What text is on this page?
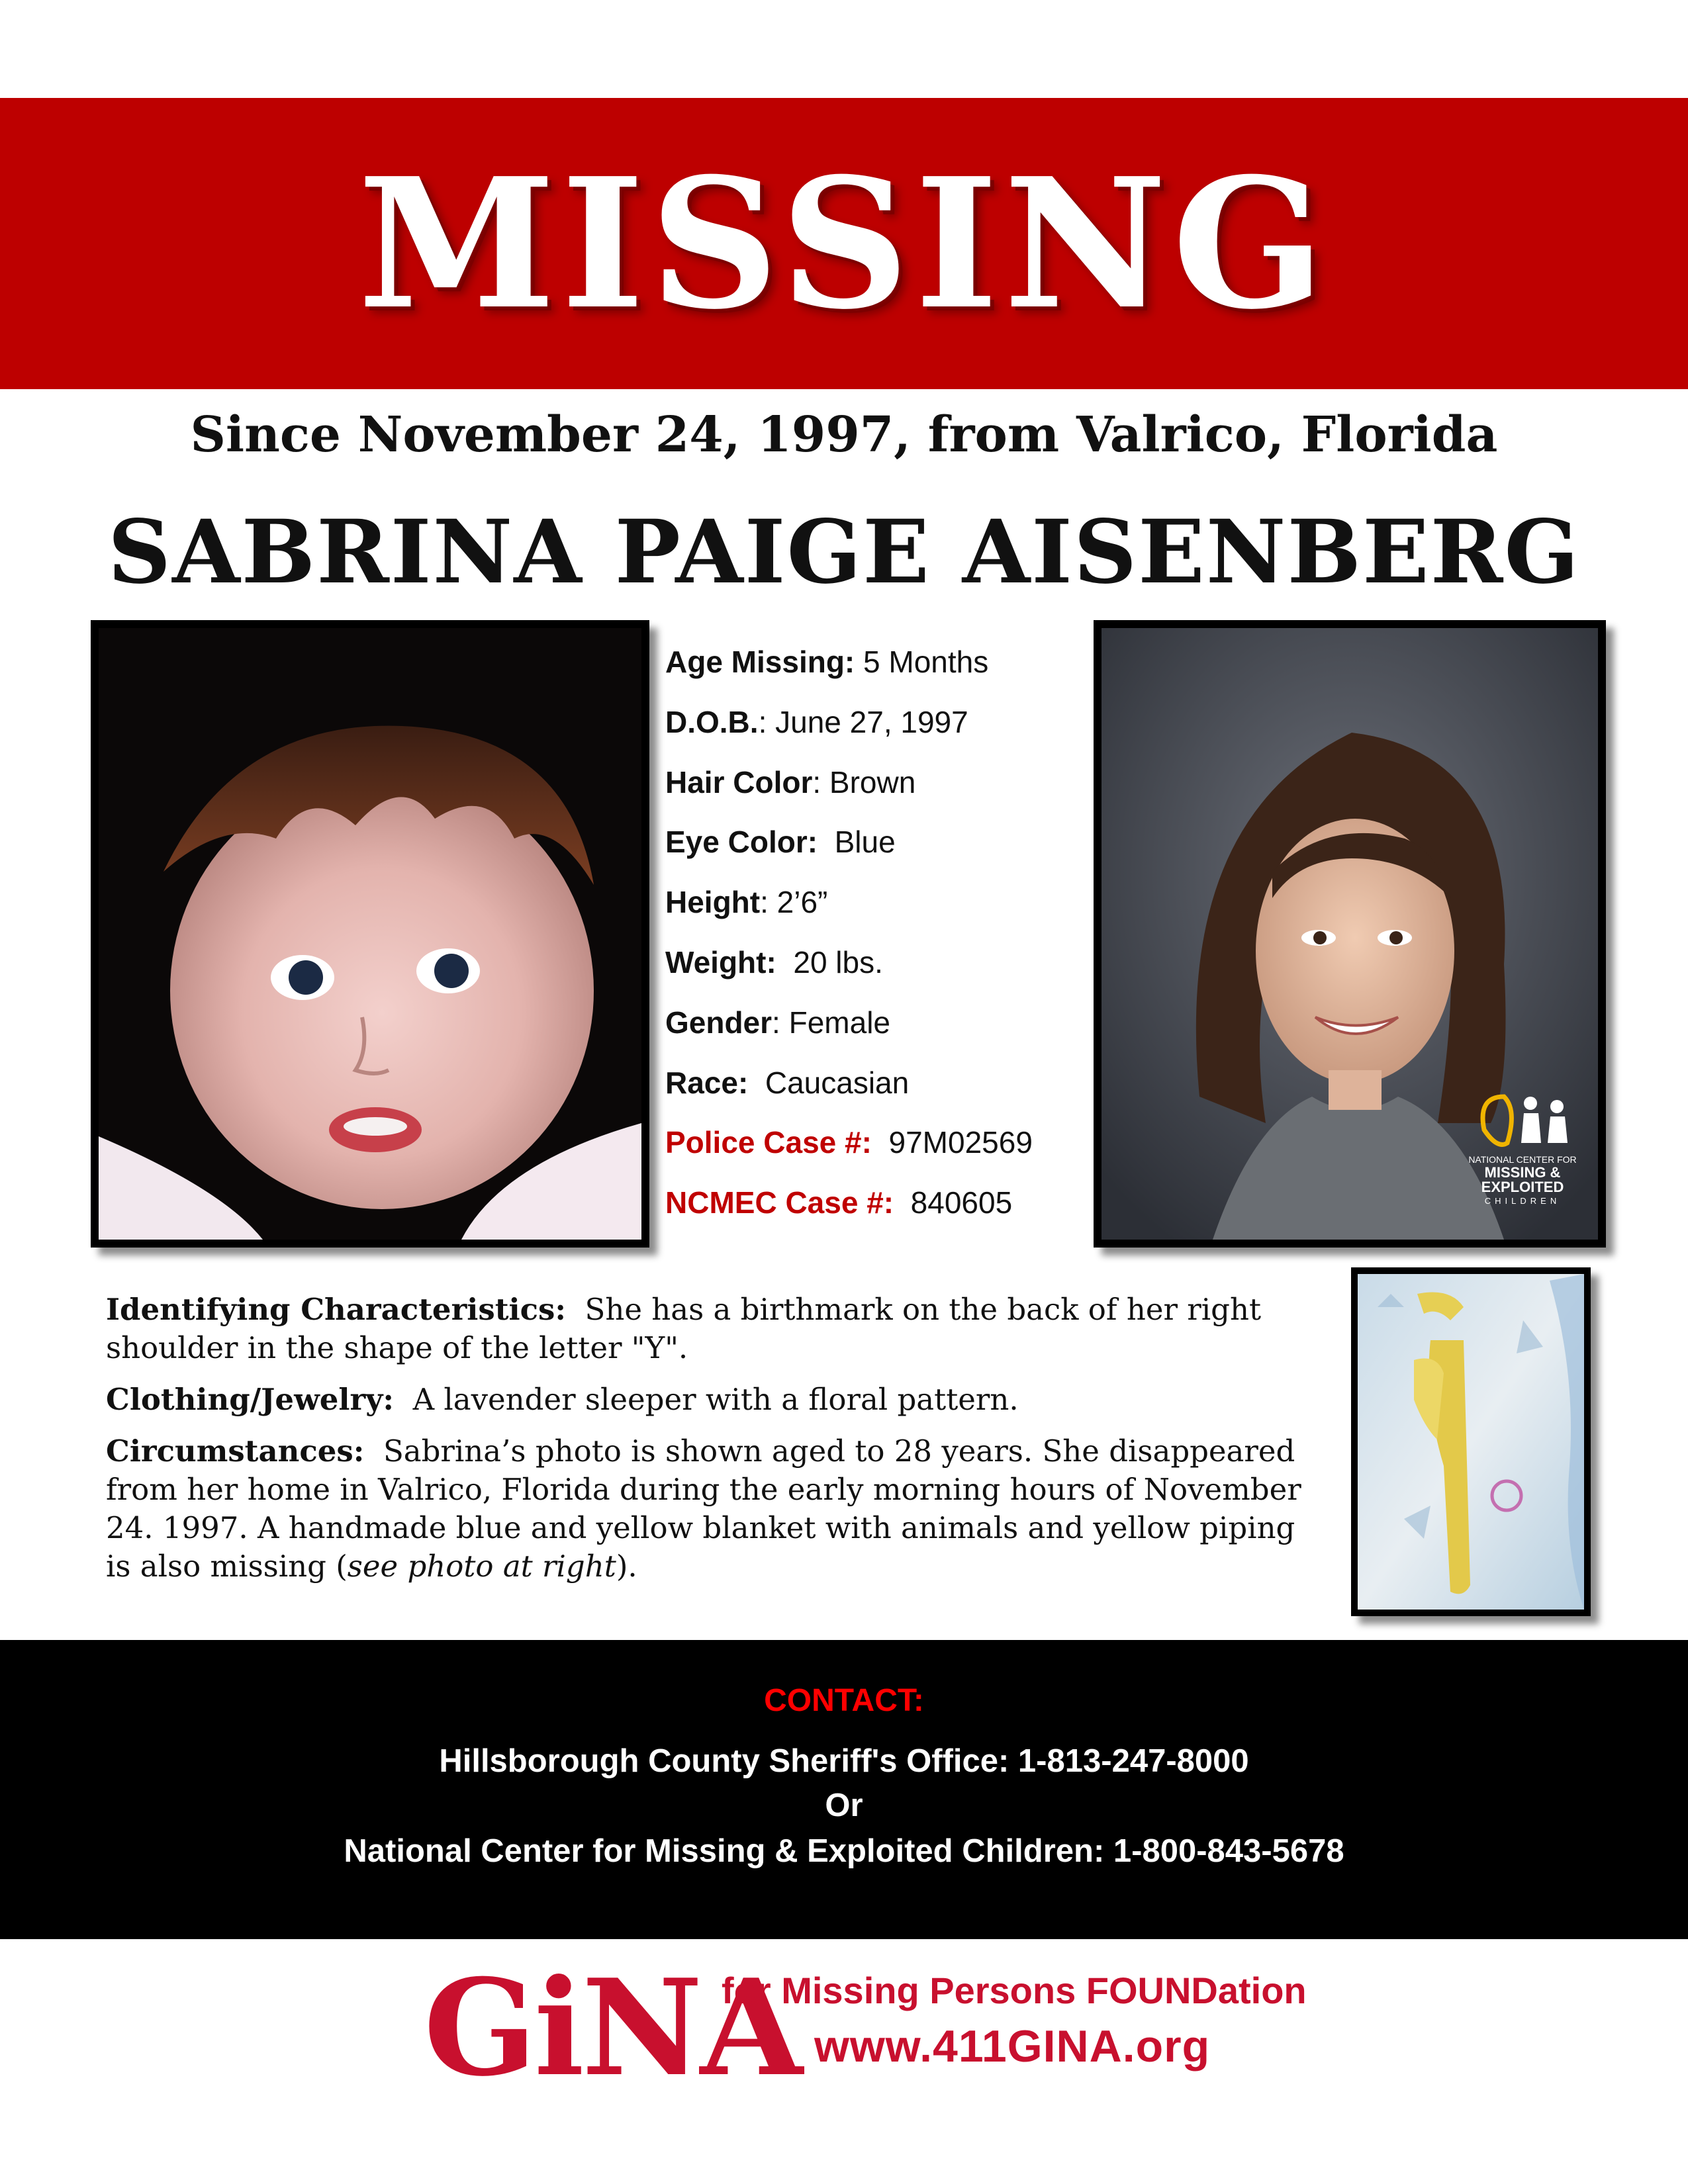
MISSING
Since November 24, 1997, from Valrico, Florida
SABRINA PAIGE AISENBERG
Age Missing: 5 Months
D.O.B.: June 27, 1997
Hair Color: Brown
Eye Color: Blue
Height: 2’6”
Weight: 20 lbs.
Gender: Female
Race: Caucasian
Police Case #: 97M02569
NCMEC Case #: 840605
NATIONAL CENTER FOR
MISSING &
EXPLOITED
CHILDREN

Identifying Characteristics: She has a birthmark on the back of her right shoulder in the shape of the letter "Y".

Clothing/Jewelry: A lavender sleeper with a floral pattern.

Circumstances: Sabrina’s photo is shown aged to 28 years. She disappeared from her home in Valrico, Florida during the early morning hours of November 24. 1997. A handmade blue and yellow blanket with animals and yellow piping is also missing (see photo at right).

CONTACT:
Hillsborough County Sheriff's Office: 1-813-247-8000
Or
National Center for Missing & Exploited Children: 1-800-843-5678
GiNA
for Missing Persons FOUNDation
www.411GINA.org
